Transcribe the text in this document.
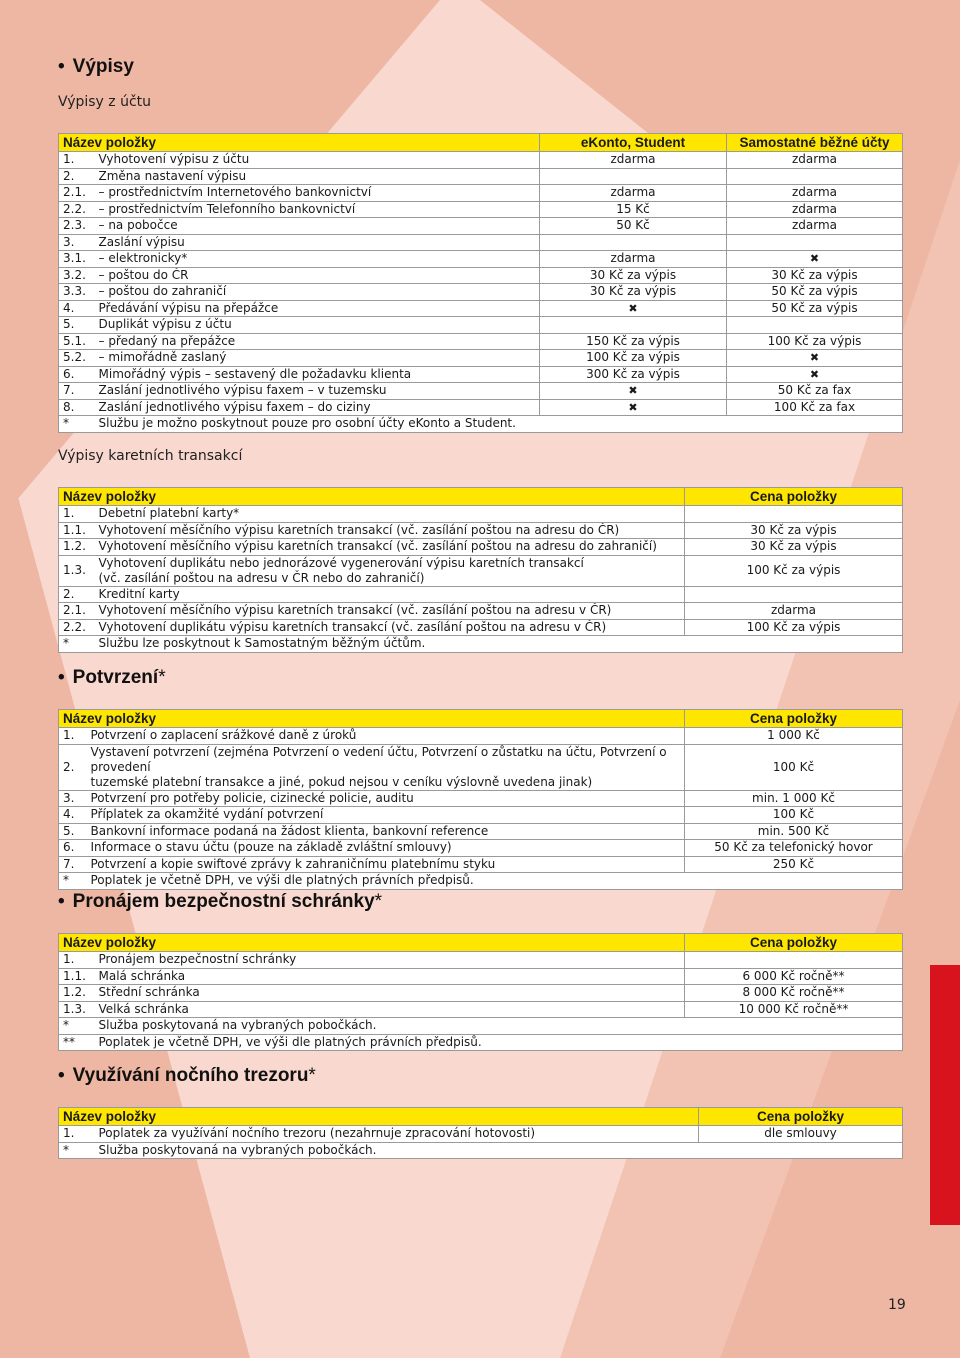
• Výpisy
Výpisy z účtu
Název položky		eKonto, Student	Samostatné běžné účty
1.	Vyhotovení výpisu z účtu	zdarma	zdarma
2.	Změna nastavení výpisu		
2.1.	– prostřednictvím Internetového bankovnictví	zdarma	zdarma
2.2.	– prostřednictvím Telefonního bankovnictví	15 Kč	zdarma
2.3.	– na pobočce	50 Kč	zdarma
3.	Zaslání výpisu		
3.1.	– elektronicky*	zdarma	✖
3.2.	– poštou do ČR	30 Kč za výpis	30 Kč za výpis
3.3.	– poštou do zahraničí	30 Kč za výpis	50 Kč za výpis
4.	Předávání výpisu na přepážce	✖	50 Kč za výpis
5.	Duplikát výpisu z účtu		
5.1.	– předaný na přepážce	150 Kč za výpis	100 Kč za výpis
5.2.	– mimořádně zaslaný	100 Kč za výpis	✖
6.	Mimořádný výpis – sestavený dle požadavku klienta	300 Kč za výpis	✖
7.	Zaslání jednotlivého výpisu faxem – v tuzemsku	✖	50 Kč za fax
8.	Zaslání jednotlivého výpisu faxem – do ciziny	✖	100 Kč za fax
*	Službu je možno poskytnout pouze pro osobní účty eKonto a Student.		
Výpisy karetních transakcí
Název položky		Cena položky
1.	Debetní platební karty*	
1.1.	Vyhotovení měsíčního výpisu karetních transakcí (vč. zasílání poštou na adresu do ČR)	30 Kč za výpis
1.2.	Vyhotovení měsíčního výpisu karetních transakcí (vč. zasílání poštou na adresu do zahraničí)	30 Kč za výpis
1.3.	Vyhotovení duplikátu nebo jednorázové vygenerování výpisu karetních transakcí
(vč. zasílání poštou na adresu v ČR nebo do zahraničí)	100 Kč za výpis
2.	Kreditní karty	
2.1.	Vyhotovení měsíčního výpisu karetních transakcí (vč. zasílání poštou na adresu v ČR)	zdarma
2.2.	Vyhotovení duplikátu výpisu karetních transakcí (vč. zasílání poštou na adresu v ČR)	100 Kč za výpis
*	Službu lze poskytnout k Samostatným běžným účtům.	
• Potvrzení*
Název položky		Cena položky
1.	Potvrzení o zaplacení srážkové daně z úroků	1 000 Kč
2.	Vystavení potvrzení (zejména Potvrzení o vedení účtu, Potvrzení o zůstatku na účtu, Potvrzení o provedení
tuzemské platební transakce a jiné, pokud nejsou v ceníku výslovně uvedena jinak)	100 Kč
3.	Potvrzení pro potřeby policie, cizinecké policie, auditu	min. 1 000 Kč
4.	Příplatek za okamžité vydání potvrzení	100 Kč
5.	Bankovní informace podaná na žádost klienta, bankovní reference	min. 500 Kč
6.	Informace o stavu účtu (pouze na základě zvláštní smlouvy)	50 Kč za telefonický hovor
7.	Potvrzení a kopie swiftové zprávy k zahraničnímu platebnímu styku	250 Kč
*	Poplatek je včetně DPH, ve výši dle platných právních předpisů.	
• Pronájem bezpečnostní schránky*
Název položky		Cena položky
1.	Pronájem bezpečnostní schránky	
1.1.	Malá schránka	6 000 Kč ročně**
1.2.	Střední schránka	8 000 Kč ročně**
1.3.	Velká schránka	10 000 Kč ročně**
*	Služba poskytovaná na vybraných pobočkách.	
**	Poplatek je včetně DPH, ve výši dle platných právních předpisů.	
• Využívání nočního trezoru*
Název položky		Cena položky
1.	Poplatek za využívání nočního trezoru (nezahrnuje zpracování hotovosti)	dle smlouvy
*	Služba poskytovaná na vybraných pobočkách.	
19
